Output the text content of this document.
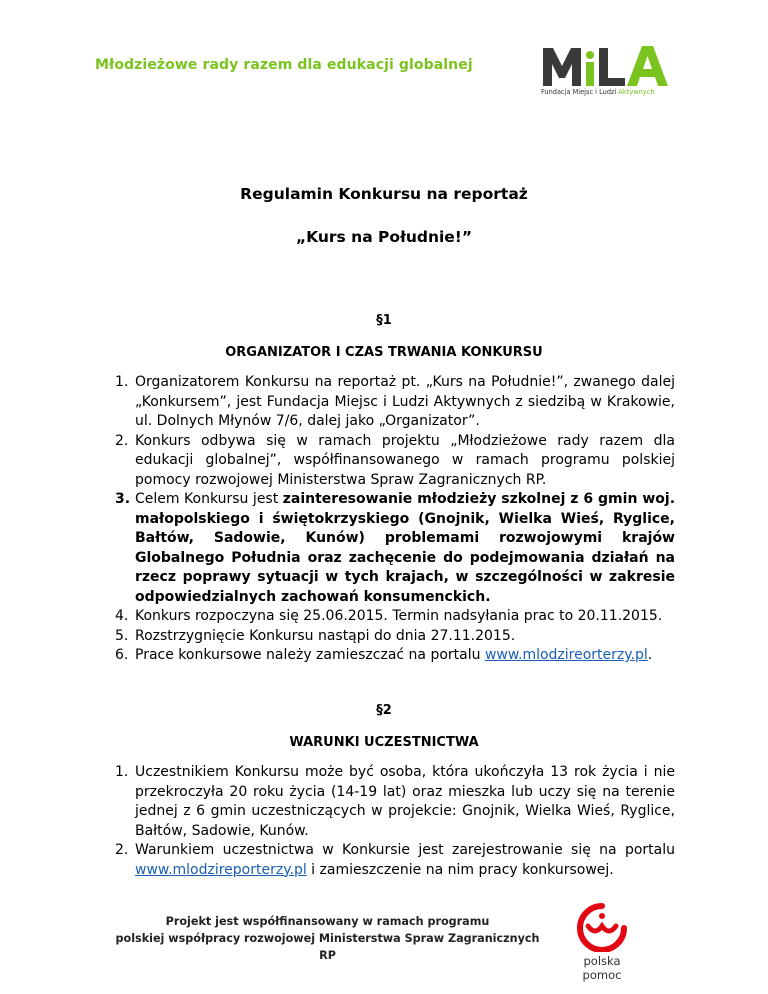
Młodzieżowe rady razem dla edukacji globalnej
Fundacja Miejsc i Ludzi Aktywnych
Regulamin Konkursu na reportaż
„Kurs na Południe!”
§1
ORGANIZATOR I CZAS TRWANIA KONKURSU
1. Organizatorem Konkursu na reportaż pt. „Kurs na Południe!”, zwanego dalej „Konkursem”, jest Fundacja Miejsc i Ludzi Aktywnych z siedzibą w Krakowie, ul. Dolnych Młynów 7/6, dalej jako „Organizator”.
2. Konkurs odbywa się w ramach projektu „Młodzieżowe rady razem dla edukacji globalnej”, współfinansowanego w ramach programu polskiej pomocy rozwojowej Ministerstwa Spraw Zagranicznych RP.
3. Celem Konkursu jest zainteresowanie młodzieży szkolnej z 6 gmin woj. małopolskiego i świętokrzyskiego (Gnojnik, Wielka Wieś, Ryglice, Bałtów, Sadowie, Kunów) problemami rozwojowymi krajów Globalnego Południa oraz zachęcenie do podejmowania działań na rzecz poprawy sytuacji w tych krajach, w szczególności w zakresie odpowiedzialnych zachowań konsumenckich.
4. Konkurs rozpoczyna się 25.06.2015. Termin nadsyłania prac to 20.11.2015.
5. Rozstrzygnięcie Konkursu nastąpi do dnia 27.11.2015.
6. Prace konkursowe należy zamieszczać na portalu www.mlodzireorterzy.pl.
§2
WARUNKI UCZESTNICTWA
1. Uczestnikiem Konkursu może być osoba, która ukończyła 13 rok życia i nie przekroczyła 20 roku życia (14-19 lat) oraz mieszka lub uczy się na terenie jednej z 6 gmin uczestniczących w projekcie: Gnojnik, Wielka Wieś, Ryglice, Bałtów, Sadowie, Kunów.
2. Warunkiem uczestnictwa w Konkursie jest zarejestrowanie się na portalu www.mlodzireporterzy.pl i zamieszczenie na nim pracy konkursowej.
Projekt jest współfinansowany w ramach programu
polskiej współpracy rozwojowej Ministerstwa Spraw Zagranicznych RP	polska pomoc
